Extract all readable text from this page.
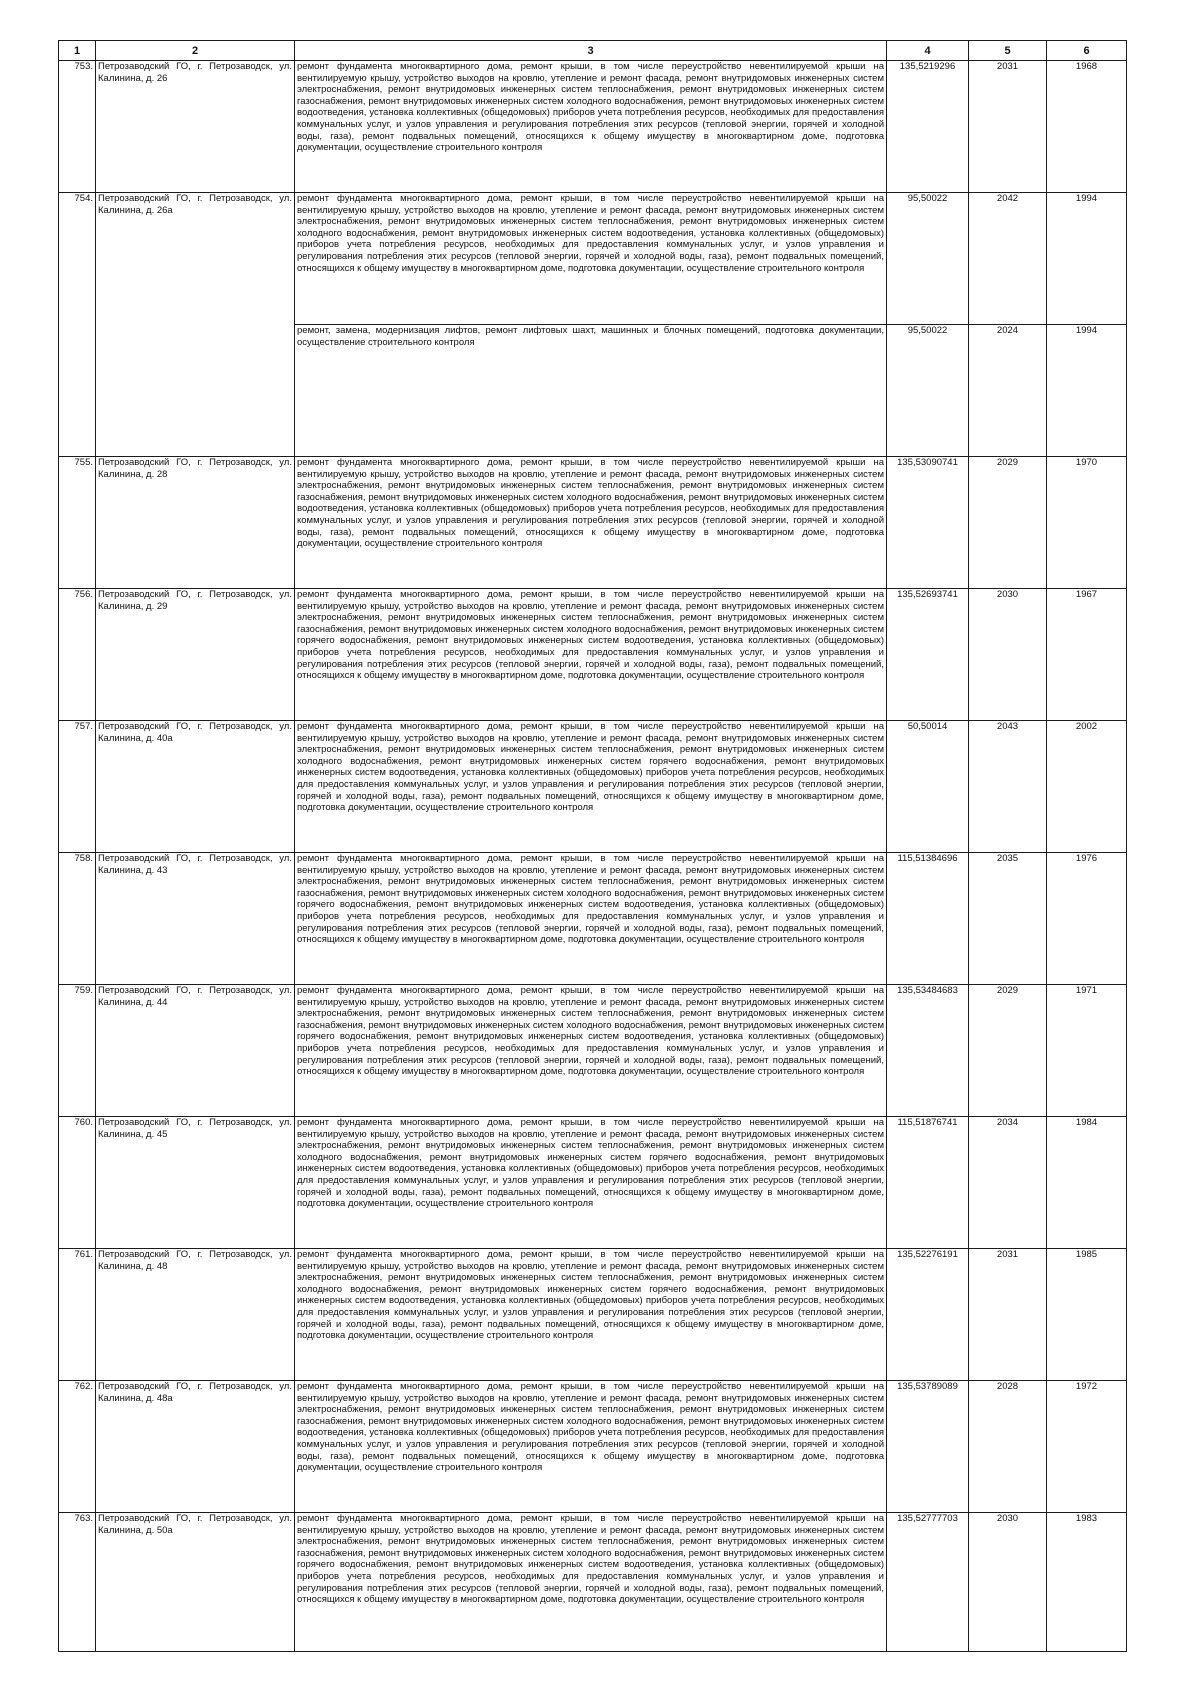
1	2	3	4	5	6
753.	Петрозаводский ГО, г. Петрозаводск, ул. Калинина, д. 26	ремонт фундамента многоквартирного дома, ремонт крыши, в том числе переустройство невентилируемой крыши на вентилируемую крышу, устройство выходов на кровлю, утепление и ремонт фасада, ремонт внутридомовых инженерных систем электроснабжения, ремонт внутридомовых инженерных систем теплоснабжения, ремонт внутридомовых инженерных систем газоснабжения, ремонт внутридомовых инженерных систем холодного водоснабжения, ремонт внутридомовых инженерных систем водоотведения, установка коллективных (общедомовых) приборов учета потребления ресурсов, необходимых для предоставления коммунальных услуг, и узлов управления и регулирования потребления этих ресурсов (тепловой энергии, горячей и холодной воды, газа), ремонт подвальных помещений, относящихся к общему имуществу в многоквартирном доме, подготовка документации, осуществление строительного контроля	135,5219296	2031	1968
754.	Петрозаводский ГО, г. Петрозаводск, ул. Калинина, д. 26а	ремонт фундамента многоквартирного дома, ремонт крыши, в том числе переустройство невентилируемой крыши на вентилируемую крышу, устройство выходов на кровлю, утепление и ремонт фасада, ремонт внутридомовых инженерных систем электроснабжения, ремонт внутридомовых инженерных систем теплоснабжения, ремонт внутридомовых инженерных систем холодного водоснабжения, ремонт внутридомовых инженерных систем водоотведения, установка коллективных (общедомовых) приборов учета потребления ресурсов, необходимых для предоставления коммунальных услуг, и узлов управления и регулирования потребления этих ресурсов (тепловой энергии, горячей и холодной воды, газа), ремонт подвальных помещений, относящихся к общему имуществу в многоквартирном доме, подготовка документации, осуществление строительного контроля	95,50022	2042	1994
		ремонт, замена, модернизация лифтов, ремонт лифтовых шахт, машинных и блочных помещений, подготовка документации, осуществление строительного контроля	95,50022	2024	1994
755.	Петрозаводский ГО, г. Петрозаводск, ул. Калинина, д. 28	ремонт фундамента многоквартирного дома, ремонт крыши, в том числе переустройство невентилируемой крыши на вентилируемую крышу, устройство выходов на кровлю, утепление и ремонт фасада, ремонт внутридомовых инженерных систем электроснабжения, ремонт внутридомовых инженерных систем теплоснабжения, ремонт внутридомовых инженерных систем газоснабжения, ремонт внутридомовых инженерных систем холодного водоснабжения, ремонт внутридомовых инженерных систем водоотведения, установка коллективных (общедомовых) приборов учета потребления ресурсов, необходимых для предоставления коммунальных услуг, и узлов управления и регулирования потребления этих ресурсов (тепловой энергии, горячей и холодной воды, газа), ремонт подвальных помещений, относящихся к общему имуществу в многоквартирном доме, подготовка документации, осуществление строительного контроля	135,53090741	2029	1970
756.	Петрозаводский ГО, г. Петрозаводск, ул. Калинина, д. 29	ремонт фундамента многоквартирного дома, ремонт крыши, в том числе переустройство невентилируемой крыши на вентилируемую крышу, устройство выходов на кровлю, утепление и ремонт фасада, ремонт внутридомовых инженерных систем электроснабжения, ремонт внутридомовых инженерных систем теплоснабжения, ремонт внутридомовых инженерных систем газоснабжения, ремонт внутридомовых инженерных систем холодного водоснабжения, ремонт внутридомовых инженерных систем горячего водоснабжения, ремонт внутридомовых инженерных систем водоотведения, установка коллективных (общедомовых) приборов учета потребления ресурсов, необходимых для предоставления коммунальных услуг, и узлов управления и регулирования потребления этих ресурсов (тепловой энергии, горячей и холодной воды, газа), ремонт подвальных помещений, относящихся к общему имуществу в многоквартирном доме, подготовка документации, осуществление строительного контроля	135,52693741	2030	1967
757.	Петрозаводский ГО, г. Петрозаводск, ул. Калинина, д. 40а	ремонт фундамента многоквартирного дома, ремонт крыши, в том числе переустройство невентилируемой крыши на вентилируемую крышу, устройство выходов на кровлю, утепление и ремонт фасада, ремонт внутридомовых инженерных систем электроснабжения, ремонт внутридомовых инженерных систем теплоснабжения, ремонт внутридомовых инженерных систем холодного водоснабжения, ремонт внутридомовых инженерных систем горячего водоснабжения, ремонт внутридомовых инженерных систем водоотведения, установка коллективных (общедомовых) приборов учета потребления ресурсов, необходимых для предоставления коммунальных услуг, и узлов управления и регулирования потребления этих ресурсов (тепловой энергии, горячей и холодной воды, газа), ремонт подвальных помещений, относящихся к общему имуществу в многоквартирном доме, подготовка документации, осуществление строительного контроля	50,50014	2043	2002
758.	Петрозаводский ГО, г. Петрозаводск, ул. Калинина, д. 43	ремонт фундамента многоквартирного дома, ремонт крыши, в том числе переустройство невентилируемой крыши на вентилируемую крышу, устройство выходов на кровлю, утепление и ремонт фасада, ремонт внутридомовых инженерных систем электроснабжения, ремонт внутридомовых инженерных систем теплоснабжения, ремонт внутридомовых инженерных систем газоснабжения, ремонт внутридомовых инженерных систем холодного водоснабжения, ремонт внутридомовых инженерных систем горячего водоснабжения, ремонт внутридомовых инженерных систем водоотведения, установка коллективных (общедомовых) приборов учета потребления ресурсов, необходимых для предоставления коммунальных услуг, и узлов управления и регулирования потребления этих ресурсов (тепловой энергии, горячей и холодной воды, газа), ремонт подвальных помещений, относящихся к общему имуществу в многоквартирном доме, подготовка документации, осуществление строительного контроля	115,51384696	2035	1976
759.	Петрозаводский ГО, г. Петрозаводск, ул. Калинина, д. 44	ремонт фундамента многоквартирного дома, ремонт крыши, в том числе переустройство невентилируемой крыши на вентилируемую крышу, устройство выходов на кровлю, утепление и ремонт фасада, ремонт внутридомовых инженерных систем электроснабжения, ремонт внутридомовых инженерных систем теплоснабжения, ремонт внутридомовых инженерных систем газоснабжения, ремонт внутридомовых инженерных систем холодного водоснабжения, ремонт внутридомовых инженерных систем горячего водоснабжения, ремонт внутридомовых инженерных систем водоотведения, установка коллективных (общедомовых) приборов учета потребления ресурсов, необходимых для предоставления коммунальных услуг, и узлов управления и регулирования потребления этих ресурсов (тепловой энергии, горячей и холодной воды, газа), ремонт подвальных помещений, относящихся к общему имуществу в многоквартирном доме, подготовка документации, осуществление строительного контроля	135,53484683	2029	1971
760.	Петрозаводский ГО, г. Петрозаводск, ул. Калинина, д. 45	ремонт фундамента многоквартирного дома, ремонт крыши, в том числе переустройство невентилируемой крыши на вентилируемую крышу, устройство выходов на кровлю, утепление и ремонт фасада, ремонт внутридомовых инженерных систем электроснабжения, ремонт внутридомовых инженерных систем теплоснабжения, ремонт внутридомовых инженерных систем холодного водоснабжения, ремонт внутридомовых инженерных систем горячего водоснабжения, ремонт внутридомовых инженерных систем водоотведения, установка коллективных (общедомовых) приборов учета потребления ресурсов, необходимых для предоставления коммунальных услуг, и узлов управления и регулирования потребления этих ресурсов (тепловой энергии, горячей и холодной воды, газа), ремонт подвальных помещений, относящихся к общему имуществу в многоквартирном доме, подготовка документации, осуществление строительного контроля	115,51876741	2034	1984
761.	Петрозаводский ГО, г. Петрозаводск, ул. Калинина, д. 48	ремонт фундамента многоквартирного дома, ремонт крыши, в том числе переустройство невентилируемой крыши на вентилируемую крышу, устройство выходов на кровлю, утепление и ремонт фасада, ремонт внутридомовых инженерных систем электроснабжения, ремонт внутридомовых инженерных систем теплоснабжения, ремонт внутридомовых инженерных систем холодного водоснабжения, ремонт внутридомовых инженерных систем горячего водоснабжения, ремонт внутридомовых инженерных систем водоотведения, установка коллективных (общедомовых) приборов учета потребления ресурсов, необходимых для предоставления коммунальных услуг, и узлов управления и регулирования потребления этих ресурсов (тепловой энергии, горячей и холодной воды, газа), ремонт подвальных помещений, относящихся к общему имуществу в многоквартирном доме, подготовка документации, осуществление строительного контроля	135,52276191	2031	1985
762.	Петрозаводский ГО, г. Петрозаводск, ул. Калинина, д. 48а	ремонт фундамента многоквартирного дома, ремонт крыши, в том числе переустройство невентилируемой крыши на вентилируемую крышу, устройство выходов на кровлю, утепление и ремонт фасада, ремонт внутридомовых инженерных систем электроснабжения, ремонт внутридомовых инженерных систем теплоснабжения, ремонт внутридомовых инженерных систем газоснабжения, ремонт внутридомовых инженерных систем холодного водоснабжения, ремонт внутридомовых инженерных систем водоотведения, установка коллективных (общедомовых) приборов учета потребления ресурсов, необходимых для предоставления коммунальных услуг, и узлов управления и регулирования потребления этих ресурсов (тепловой энергии, горячей и холодной воды, газа), ремонт подвальных помещений, относящихся к общему имуществу в многоквартирном доме, подготовка документации, осуществление строительного контроля	135,53789089	2028	1972
763.	Петрозаводский ГО, г. Петрозаводск, ул. Калинина, д. 50а	ремонт фундамента многоквартирного дома, ремонт крыши, в том числе переустройство невентилируемой крыши на вентилируемую крышу, устройство выходов на кровлю, утепление и ремонт фасада, ремонт внутридомовых инженерных систем электроснабжения, ремонт внутридомовых инженерных систем теплоснабжения, ремонт внутридомовых инженерных систем газоснабжения, ремонт внутридомовых инженерных систем холодного водоснабжения, ремонт внутридомовых инженерных систем горячего водоснабжения, ремонт внутридомовых инженерных систем водоотведения, установка коллективных (общедомовых) приборов учета потребления ресурсов, необходимых для предоставления коммунальных услуг, и узлов управления и регулирования потребления этих ресурсов (тепловой энергии, горячей и холодной воды, газа), ремонт подвальных помещений, относящихся к общему имуществу в многоквартирном доме, подготовка документации, осуществление строительного контроля	135,52777703	2030	1983
